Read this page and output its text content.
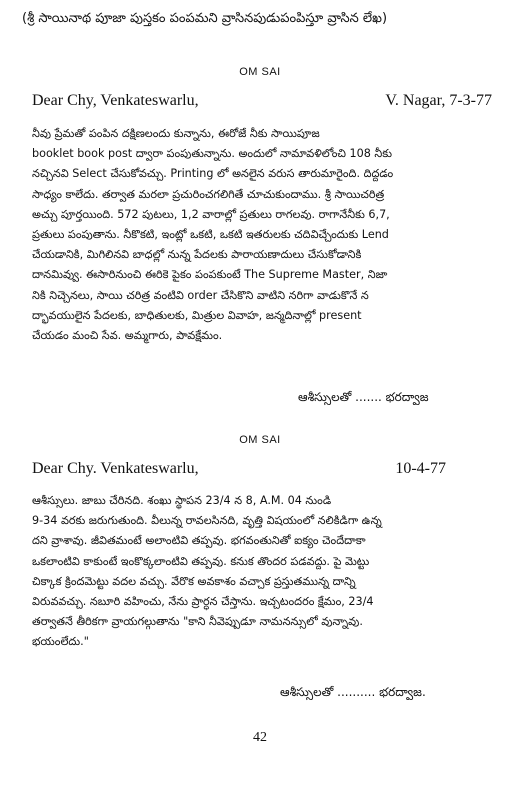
(శ్రీ సాయినాథ పూజా పుస్తకం పంపమని వ్రాసినపుడుపంపిస్తూ వ్రాసిన లేఖ)
OM SAI
Dear Chy, Venkateswarlu,	V. Nagar, 7-3-77
నీవు ప్రేమతో పంపిన దక్షిణలందు కున్నాను, ఈరోజే నీకు సాయిపూజ
booklet book post ద్వారా పంపుతున్నాను. అందులో నామావళిలోంచి 108 నీకు
నచ్చినవి Select చేసుకోవచ్చు. Printing లో అనలైన వరుస తారుమారైంది. దిద్దడం
సాధ్యం కాలేదు. తర్వాత మరలా ప్రచురించగలిగితే చూచుకుందాము. శ్రీ సాయిచరిత్ర
అచ్చు పూర్తయింది. 572 పుటలు, 1,2 వారాల్లో ప్రతులు రాగలవు. రాగానేనీకు 6,7,
ప్రతులు పంపుతాను. నీకొకటి, ఇంట్లో ఒకటి, ఒకటి ఇతరులకు చదివిచ్చేందుకు Lend
చేయడానికి, మిగిలినవి బాధల్లో నున్న పేదలకు పారాయణాదులు చేసుకోడానికి
దానమివ్వు. ఈసారినుంచి ఈరికె పైకం పంపకుంటే The Supreme Master, నిజా
నికి నిచ్చెనలు, సాయి చరిత్ర వంటివి order చేసికొని వాటిని నరిగా వాడుకొనే న
ద్భావయులైన పేదలకు, బాధితులకు, మిత్రుల వివాహ, జన్మదినాల్లో present
చేయడం మంచి సేవ. అమ్మగారు, పావక్షేమం.
ఆశీస్సులతో ....... భరద్వాజ
OM SAI
Dear Chy. Venkateswarlu,	10-4-77
ఆశీస్సులు. జాబు చేరినది. శంఖు స్థాపన 23/4 న 8, A.M. 04 నుండి
9-34 వరకు జరుగుతుంది. వీలున్న రావలసినది, వృత్తి విషయంలో నలికిడిగా ఉన్న
దని వ్రాశావు. జీవితమంటే అలాంటివి తప్పవు. భగవంతునితో ఐక్యం చెందేదాకా
ఒకలాంటివి కాకుంటే ఇంకొక్కలాంటివి తప్పవు. కనుక తొందర పడవద్దు. పై మెట్టు
చిక్కాక క్రిందమెట్టు వదల వచ్చు. వేరొక అవకాశం వచ్చాక ప్రస్తుతమున్న దాన్ని
విరువవచ్చు. నబూరి వహించు, నేను ప్రార్ధన చేస్తాను. ఇచ్చటందరం క్షేమం, 23/4
తర్వాతనే తీరికగా వ్రాయగల్గుతాను "కాని నీవెప్పుడూ నామనన్సులో వున్నావు.
భయంలేదు."
ఆశీస్సులతో .......... భరద్వాజ.
42
